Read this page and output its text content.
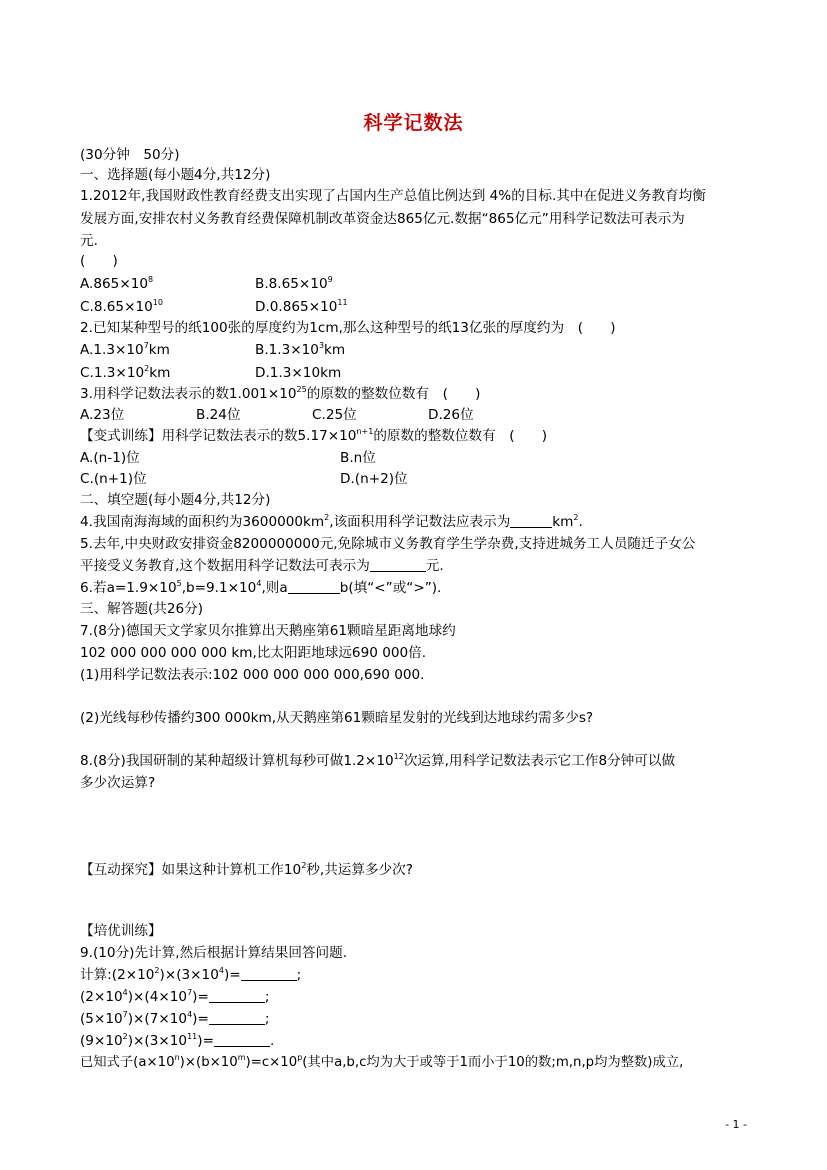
科学记数法
(30分钟　50分)
一、选择题(每小题4分,共12分)
1.2012年,我国财政性教育经费支出实现了占国内生产总值比例达到 4%的目标.其中在促进义务教育均衡
发展方面,安排农村义务教育经费保障机制改革资金达865亿元.数据“865亿元”用科学记数法可表示为
元.
(　　)
$A.865\times 10^8$	$B.8.65\times 10^9$
$C.8.65\times 10^{10}$	$D.0.865\times 10^{11}$
2.已知某种型号的纸100张的厚度约为1cm,那么这种型号的纸13亿张的厚度约为　(　　)
$A.1.3\times 10^7km$	$B.1.3\times 10^3km$
$C.1.3\times 10^2km$	D.1.3×10km
3.用科学记数法表示的数$1.001\times 10^{25}$的原数的整数位数有　(　　)
A.23位	B.24位	C.25位	D.26位
【变式训练】用科学记数法表示的数$5.17\times 10^{n+1}$的原数的整数位数有　(　　)
A.(n-1)位	B.n位
C.(n+1)位	D.(n+2)位
二、填空题(每小题4分,共12分)
4.我国南海海域的面积约为$3600000km^2$,该面积用科学记数法应表示为	$km^2$.
5.去年,中央财政安排资金8200000000元,免除城市义务教育学生学杂费,支持进城务工人员随迁子女公
平接受义务教育,这个数据用科学记数法可表示为	元.
6.若$a=1.9\times 10^5,b=9.1\times 10^4$,则a	b(填“<”或“>”).
三、解答题(共26分)
7.(8分)德国天文学家贝尔推算出天鹅座第61颗暗星距离地球约
102 000 000 000 000 km,比太阳距地球远690 000倍.
(1)用科学记数法表示:102 000 000 000 000,690 000.
(2)光线每秒传播约300 000km,从天鹅座第61颗暗星发射的光线到达地球约需多少s?
8.(8分)我国研制的某种超级计算机每秒可做$1.2\times 10^{12}$次运算,用科学记数法表示它工作8分钟可以做
多少次运算?
【互动探究】如果这种计算机工作$10^2$秒,共运算多少次?
【培优训练】
9.(10分)先计算,然后根据计算结果回答问题.
计算$:(2\times 10^2)\times(3\times 10^4)=$	;
$(2\times 10^4)\times(4\times 10^7)=$	;
$(5\times 10^7)\times(7\times 10^4)=$	;
$(9\times 10^2)\times(3\times 10^{11})=$	.
已知式子$(a\times 10^n)\times(b\times 10^m)=c\times 10^p$(其中a,b,c均为大于或等于1而小于10的数;m,n,p均为整数)成立,
- 1 -
